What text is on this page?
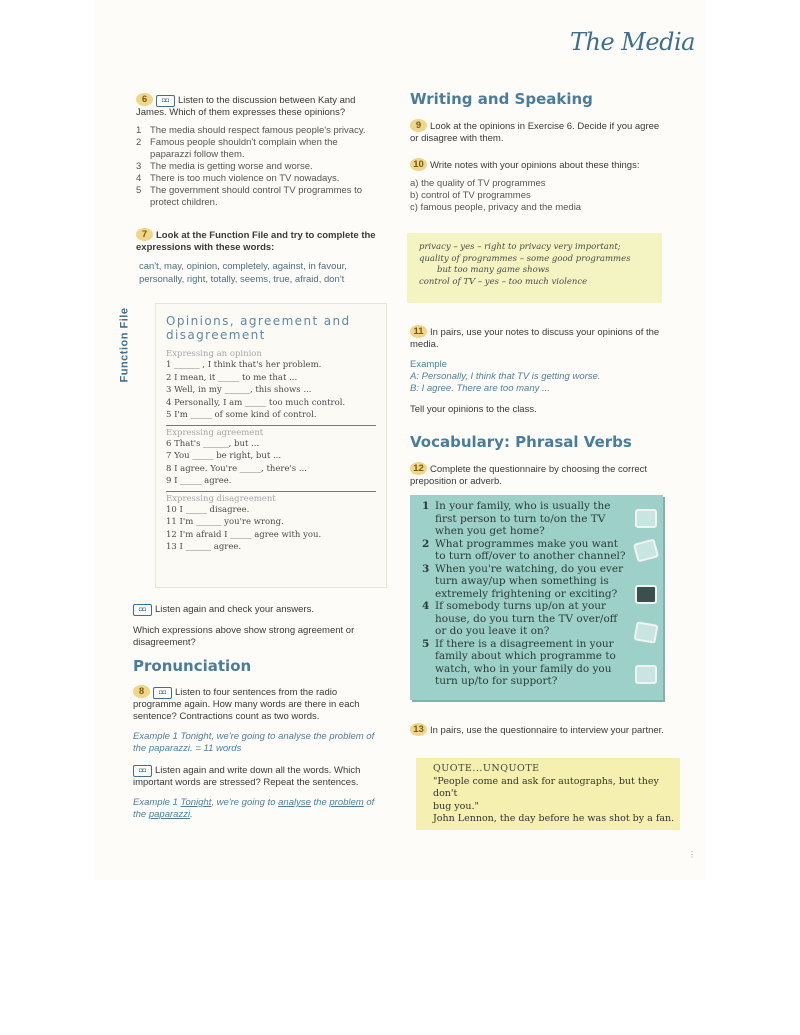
The Media
6 ◘◘ Listen to the discussion between Katy and James. Which of them expresses these opinions?
1 The media should respect famous people's privacy.
2 Famous people shouldn't complain when the paparazzi follow them.
3 The media is getting worse and worse.
4 There is too much violence on TV nowadays.
5 The government should control TV programmes to protect children.
7 Look at the Function File and try to complete the expressions with these words:
can't, may, opinion, completely, against, in favour, personally, right, totally, seems, true, afraid, don't
Function File	Opinions, agreement and
disagreement
Expressing an opinion
1 ______ , I think that's her problem.
2 I mean, it _____ to me that ...
3 Well, in my ______, this shows ...
4 Personally, I am _____ too much control.
5 I'm _____ of some kind of control.
Expressing agreement
6 That's ______, but ...
7 You _____ be right, but ...
8 I agree. You're _____, there's ...
9 I _____ agree.
Expressing disagreement
10 I _____ disagree.
11 I'm ______ you're wrong.
12 I'm afraid I _____ agree with you.
13 I ______ agree.
◘◘ Listen again and check your answers.
Which expressions above show strong agreement or disagreement?
Pronunciation
8 ◘◘ Listen to four sentences from the radio programme again. How many words are there in each sentence? Contractions count as two words.
Example 1 Tonight, we're going to analyse the problem of the paparazzi. = 11 words
◘◘ Listen again and write down all the words. Which important words are stressed? Repeat the sentences.
Example 1 Tonight, we're going to analyse the problem of the paparazzi.
Writing and Speaking
9 Look at the opinions in Exercise 6. Decide if you agree or disagree with them.
10 Write notes with your opinions about these things:
a) the quality of TV programmes
b) control of TV programmes
c) famous people, privacy and the media
privacy – yes – right to privacy very important;
quality of programmes – some good programmes
but too many game shows
control of TV – yes – too much violence
11 In pairs, use your notes to discuss your opinions of the media.
Example
A: Personally, I think that TV is getting worse.
B: I agree. There are too many ...
Tell your opinions to the class.
Vocabulary: Phrasal Verbs
12 Complete the questionnaire by choosing the correct preposition or adverb.
1 In your family, who is usually the
first person to turn to/on the TV
when you get home?
2 What programmes make you want
to turn off/over to another channel?
3 When you're watching, do you ever
turn away/up when something is
extremely frightening or exciting?
4 If somebody turns up/on at your
house, do you turn the TV over/off
or do you leave it on?
5 If there is a disagreement in your
family about which programme to
watch, who in your family do you
turn up/to for support?
13 In pairs, use the questionnaire to interview your partner.
QUOTE...UNQUOTE
"People come and ask for autographs, but they don't
bug you."
John Lennon, the day before he was shot by a fan.
⋮
